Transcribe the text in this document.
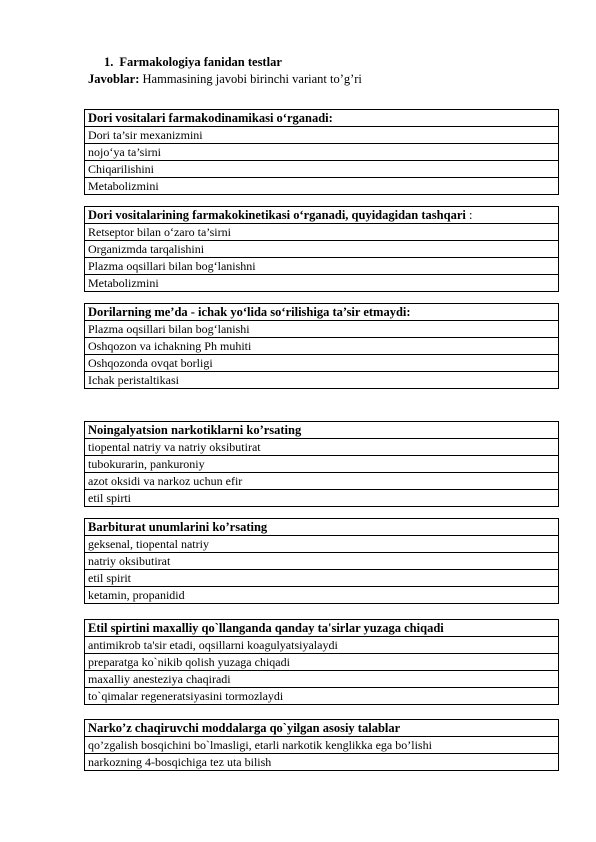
1. Farmakologiya fanidan testlar
Javoblar: Hammasining javobi birinchi variant to’g’ri
Dori vositalari farmakodinamikasi o‘rganadi:
Dori ta’sir mexanizmini
nojo‘ya ta’sirni
Chiqarilishini
Metabolizmini
Dori vositalarining farmakokinetikasi o‘rganadi, quyidagidan tashqari :
Retseptor bilan o‘zaro ta’sirni
Organizmda tarqalishini
Plazma oqsillari bilan bog‘lanishni
Metabolizmini
Dorilarning me’da - ichak yo‘lida so‘rilishiga ta’sir etmaydi:
Plazma oqsillari bilan bog‘lanishi
Oshqozon va ichakning Ph muhiti
Oshqozonda ovqat borligi
Ichak peristaltikasi
Noingalyatsion narkotiklarni ko’rsating
tiopental natriy va natriy oksibutirat
tubokurarin, pankuroniy
azot oksidi va narkoz uchun efir
etil spirti
Barbiturat unumlarini ko’rsating
geksenal, tiopental natriy
natriy oksibutirat
etil spirit
ketamin, propanidid
Etil spirtini maxalliy qo`llanganda qanday ta'sirlar yuzaga chiqadi
antimikrob ta'sir etadi, oqsillarni koagulyatsiyalaydi
preparatga ko`nikib qolish yuzaga chiqadi
maxalliy anesteziya chaqiradi
to`qimalar regeneratsiyasini tormozlaydi
Narko’z chaqiruvchi moddalarga qo`yilgan asosiy talablar
qo’zgalish bosqichini bo`lmasligi, etarli narkotik kenglikka ega bo’lishi
narkozning 4-bosqichiga tez uta bilish
